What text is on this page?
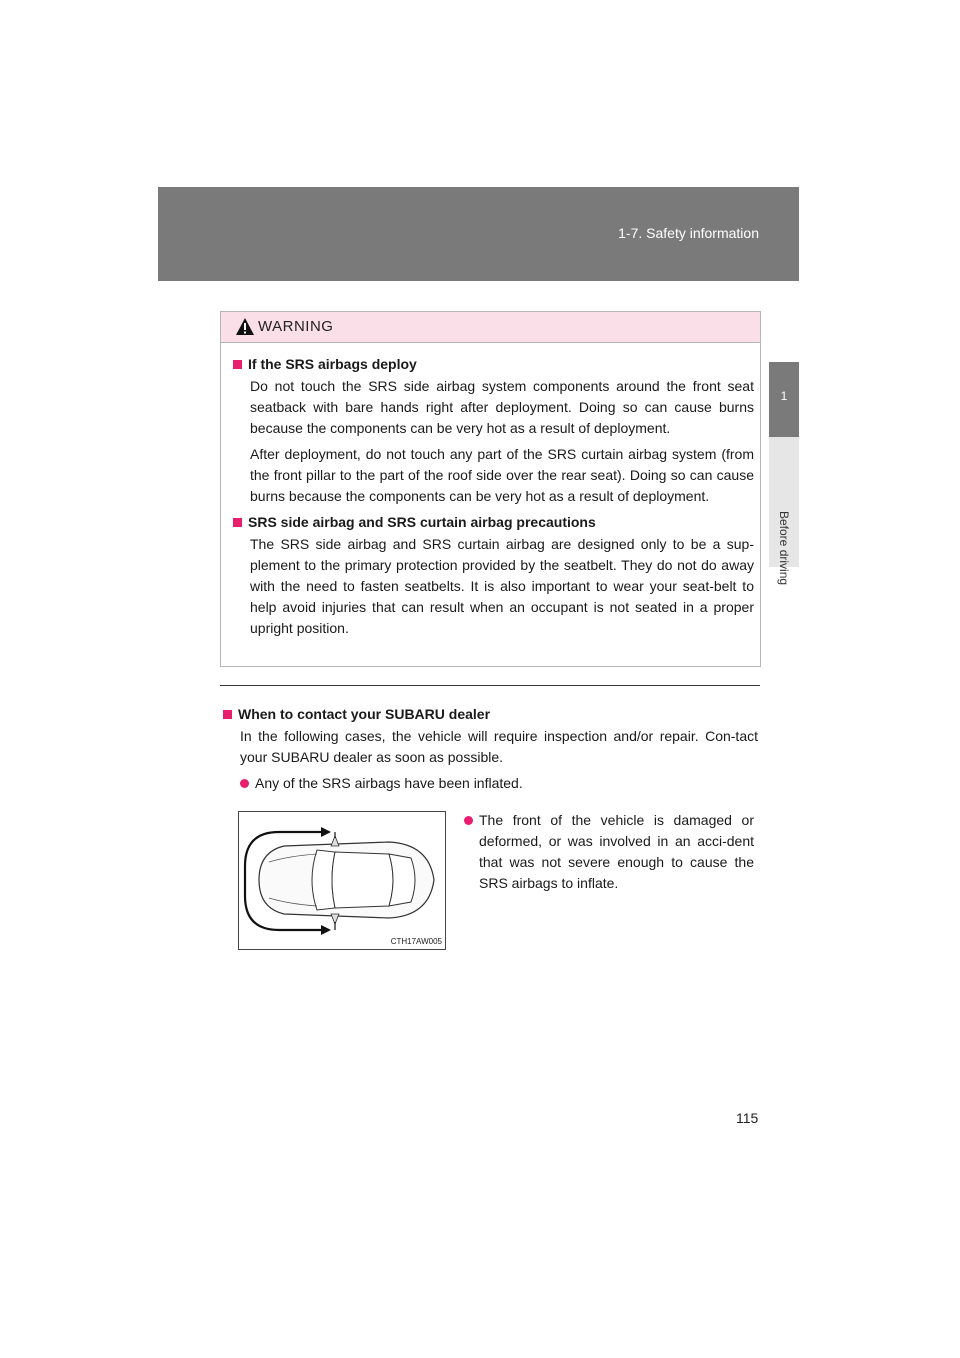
1-7. Safety information
1
Before driving
WARNING
If the SRS airbags deploy
Do not touch the SRS side airbag system components around the front seat seatback with bare hands right after deployment. Doing so can cause burns because the components can be very hot as a result of deployment.
After deployment, do not touch any part of the SRS curtain airbag system (from the front pillar to the part of the roof side over the rear seat). Doing so can cause burns because the components can be very hot as a result of deployment.
SRS side airbag and SRS curtain airbag precautions
The SRS side airbag and SRS curtain airbag are designed only to be a sup-plement to the primary protection provided by the seatbelt. They do not do away with the need to fasten seatbelts. It is also important to wear your seat-belt to help avoid injuries that can result when an occupant is not seated in a proper upright position.
When to contact your SUBARU dealer
In the following cases, the vehicle will require inspection and/or repair. Con-tact your SUBARU dealer as soon as possible.
Any of the SRS airbags have been inflated.
CTH17AW005
The front of the vehicle is damaged or deformed, or was involved in an acci-dent that was not severe enough to cause the SRS airbags to inflate.
115
